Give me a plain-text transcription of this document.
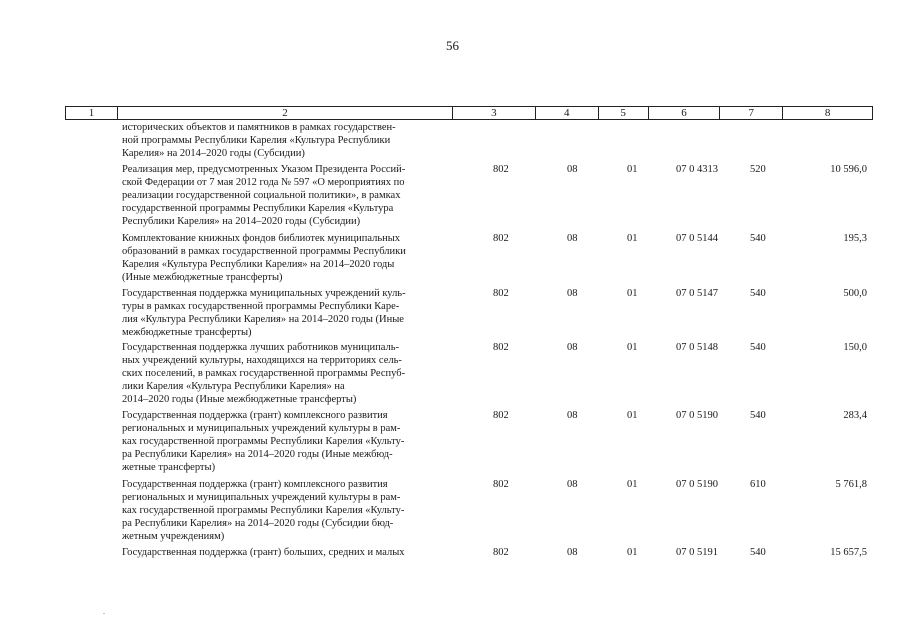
56
1	2	3	4	5	6	7	8
исторических объектов и памятников в рамках государствен-
ной программы Республики Карелия «Культура Республики
Карелия» на 2014–2020 годы (Субсидии)
Реализация мер, предусмотренных Указом Президента Россий-
ской Федерации от 7 мая 2012 года № 597 «О мероприятиях по
реализации государственной социальной политики», в рамках
государственной программы Республики Карелия «Культура
Республики Карелия» на 2014–2020 годы (Субсидии)
802	08	01	07 0 4313	520	10 596,0
Комплектование книжных фондов библиотек муниципальных
образований в рамках государственной программы Республики
Карелия «Культура Республики Карелия» на 2014–2020 годы
(Иные межбюджетные трансферты)
802	08	01	07 0 5144	540	195,3
Государственная поддержка муниципальных учреждений куль-
туры в рамках государственной программы Республики Каре-
лия «Культура Республики Карелия» на 2014–2020 годы (Иные
межбюджетные трансферты)
802	08	01	07 0 5147	540	500,0
Государственная поддержка лучших работников муниципаль-
ных учреждений культуры, находящихся на территориях сель-
ских поселений, в рамках государственной программы Респуб-
лики Карелия «Культура Республики Карелия» на
2014–2020 годы (Иные межбюджетные трансферты)
802	08	01	07 0 5148	540	150,0
Государственная поддержка (грант) комплексного развития
региональных и муниципальных учреждений культуры в рам-
ках государственной программы Республики Карелия «Культу-
ра Республики Карелия» на 2014–2020 годы (Иные межбюд-
жетные трансферты)
802	08	01	07 0 5190	540	283,4
Государственная поддержка (грант) комплексного развития
региональных и муниципальных учреждений культуры в рам-
ках государственной программы Республики Карелия «Культу-
ра Республики Карелия» на 2014–2020 годы (Субсидии бюд-
жетным учреждениям)
802	08	01	07 0 5190	610	5 761,8
Государственная поддержка (грант) больших, средних и малых	802	08	01	07 0 5191	540	15 657,5
.
